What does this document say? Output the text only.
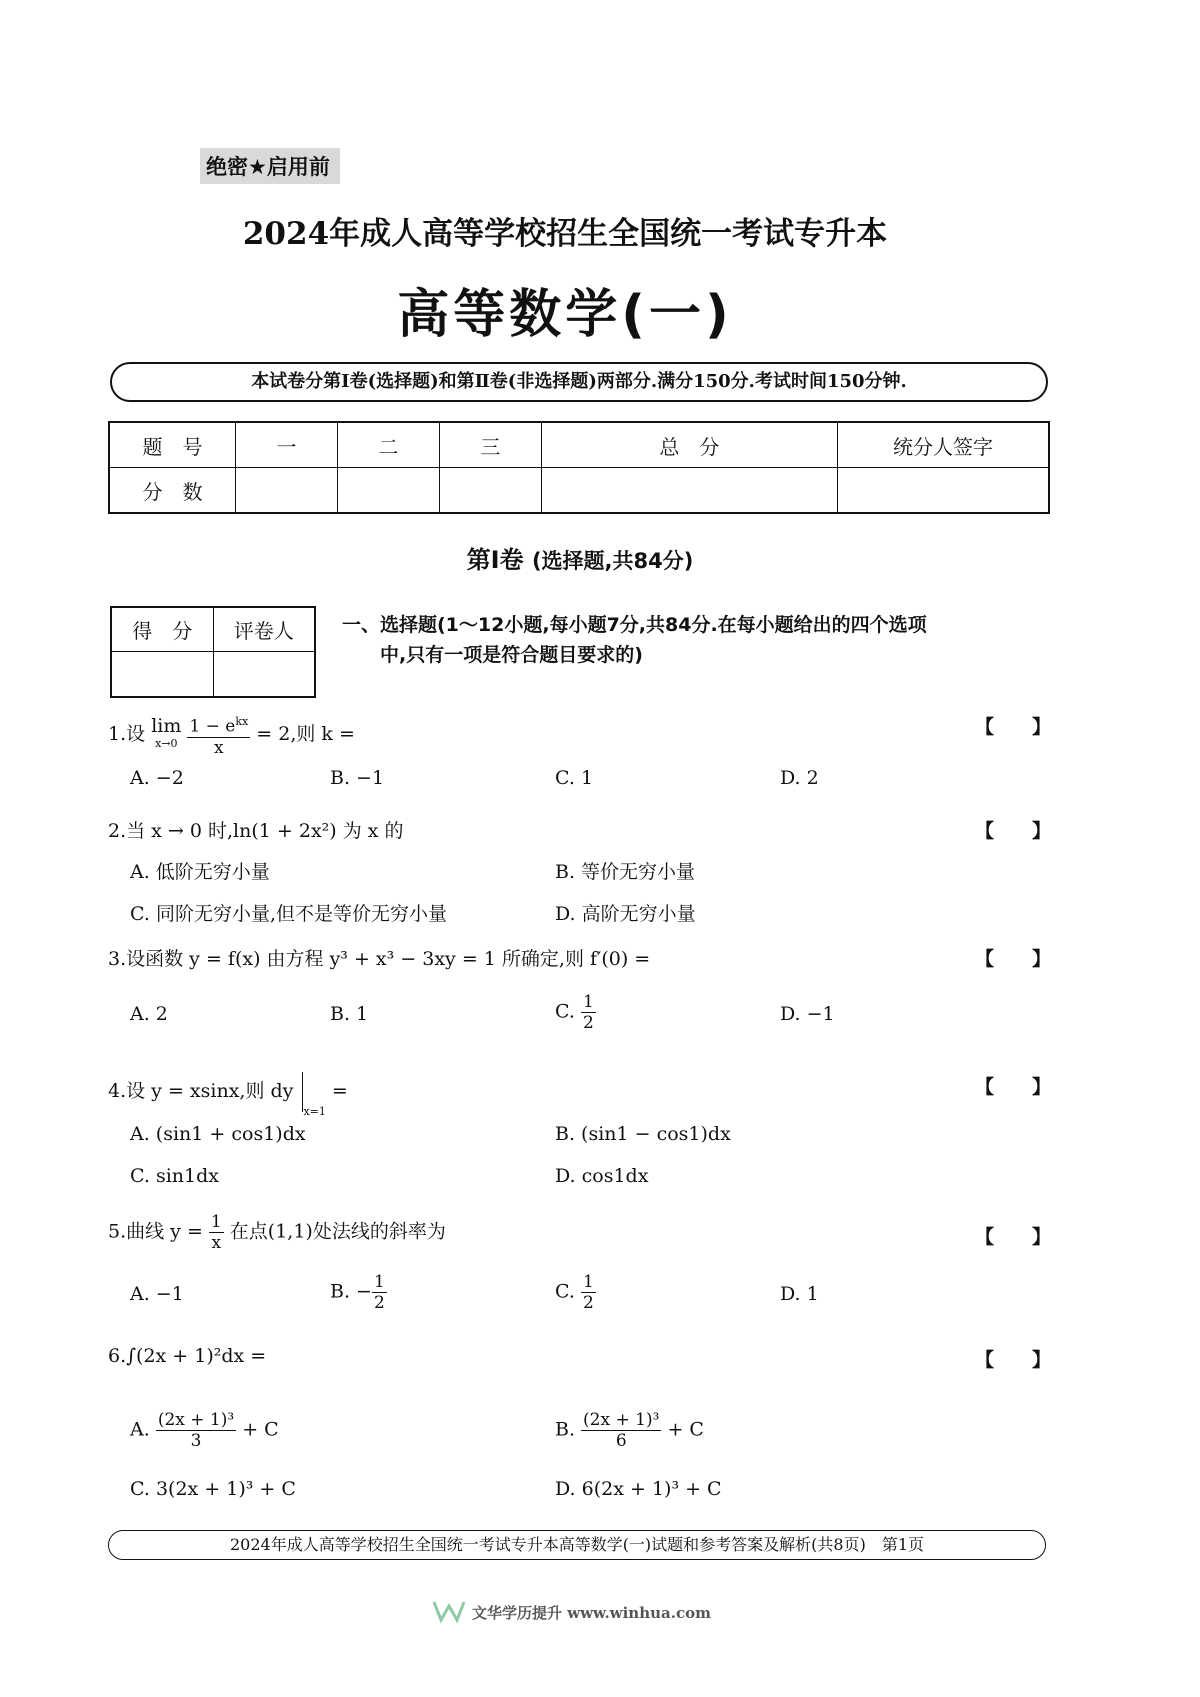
绝密★启用前
2024年成人高等学校招生全国统一考试专升本
高等数学(一)
本试卷分第Ⅰ卷(选择题)和第Ⅱ卷(非选择题)两部分.满分150分.考试时间150分钟.
题　号	一	二	三	总　分	统分人签字
分　数					
第Ⅰ卷 (选择题,共84分)
得　分	评卷人
		一、选择题(1～12小题,每小题7分,共84分.在每小题给出的四个选项
中,只有一项是符合题目要求的)
1.设 lim
x→0
$\frac{1 - e^{kx}}{x} = 2$,则 k =	【　　】
A. −2	B. −1	C. 1	D. 2
2.当 x → 0 时,ln(1 + 2x²) 为 x 的	【　　】
A. 低阶无穷小量	B. 等价无穷小量
C. 同阶无穷小量,但不是等价无穷小量	D. 高阶无穷小量
3.设函数 y = f(x) 由方程 y³ + x³ − 3xy = 1 所确定,则 f′(0) =	【　　】
A. 2	B. 1	C. $\frac{1}{2}$	D. −1
4.设 y = xsinx,则 dy $_{x=1}$ =	【　　】
A. (sin1 + cos1)dx	B. (sin1 − cos1)dx
C. sin1dx	D. cos1dx
5.曲线 $y = \frac{1}{x}$ 在点(1,1)处法线的斜率为	【　　】
A. −1	B. − $\frac{1}{2}$	C. $\frac{1}{2}$	D. 1
6.∫(2x + 1)²dx =	【　　】
A. $\frac{\text{(2x + 1)³}}{3} + C$	B. $\frac{\text{(2x + 1)³}}{6} + C$
C. 3(2x + 1)³ + C	D. 6(2x + 1)³ + C
2024年成人高等学校招生全国统一考试专升本高等数学(一)试题和参考答案及解析(共8页)　第1页
文华学历提升 www.winhua.com
